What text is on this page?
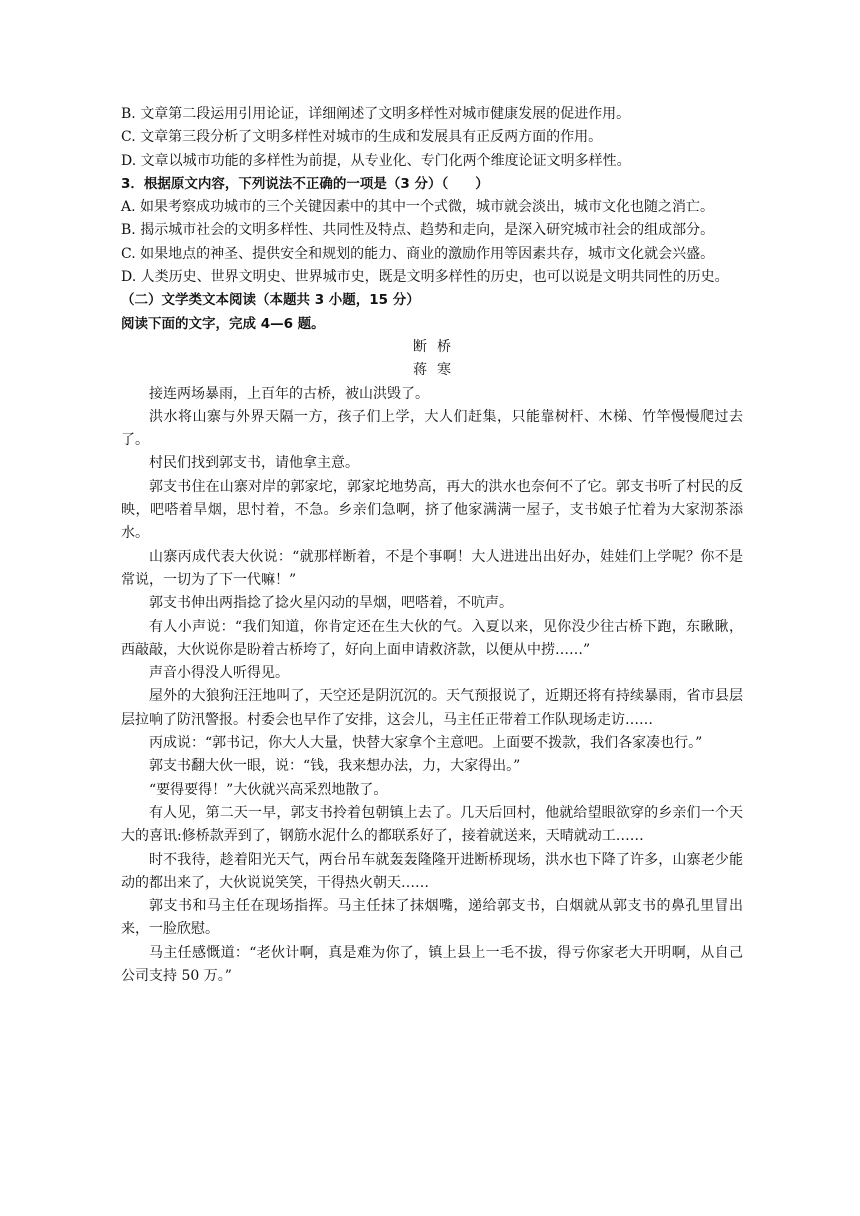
B. 文章第二段运用引用论证，详细阐述了文明多样性对城市健康发展的促进作用。

C. 文章第三段分析了文明多样性对城市的生成和发展具有正反两方面的作用。

D. 文章以城市功能的多样性为前提，从专业化、专门化两个维度论证文明多样性。

3．根据原文内容，下列说法不正确的一项是（3 分）（　　）

A. 如果考察成功城市的三个关键因素中的其中一个式微，城市就会淡出，城市文化也随之消亡。

B. 揭示城市社会的文明多样性、共同性及特点、趋势和走向，是深入研究城市社会的组成部分。

C. 如果地点的神圣、提供安全和规划的能力、商业的激励作用等因素共存，城市文化就会兴盛。

D. 人类历史、世界文明史、世界城市史，既是文明多样性的历史，也可以说是文明共同性的历史。

（二）文学类文本阅读（本题共 3 小题，15 分）

阅读下面的文字，完成 4—6 题。

断桥

蒋寒

接连两场暴雨，上百年的古桥，被山洪毁了。

洪水将山寨与外界天隔一方，孩子们上学，大人们赶集，只能靠树杆、木梯、竹竿慢慢爬过去了。

村民们找到郭支书，请他拿主意。

郭支书住在山寨对岸的郭家坨，郭家坨地势高，再大的洪水也奈何不了它。郭支书听了村民的反映，吧嗒着旱烟，思忖着，不急。乡亲们急啊，挤了他家满满一屋子，支书娘子忙着为大家沏茶添水。

山寨丙成代表大伙说：“就那样断着，不是个事啊！大人进进出出好办，娃娃们上学呢？你不是常说，一切为了下一代嘛！”

郭支书伸出两指捻了捻火星闪动的旱烟，吧嗒着，不吭声。

有人小声说：“我们知道，你肯定还在生大伙的气。入夏以来，见你没少往古桥下跑，东瞅瞅，西敲敲，大伙说你是盼着古桥垮了，好向上面申请救济款，以便从中捞……”

声音小得没人听得见。

屋外的大狼狗汪汪地叫了，天空还是阴沉沉的。天气预报说了，近期还将有持续暴雨，省市县层层拉响了防汛警报。村委会也早作了安排，这会儿，马主任正带着工作队现场走访……

丙成说：“郭书记，你大人大量，快替大家拿个主意吧。上面要不拨款，我们各家凑也行。”

郭支书翻大伙一眼，说：“钱，我来想办法，力，大家得出。”

“要得要得！”大伙就兴高采烈地散了。

有人见，第二天一早，郭支书拎着包朝镇上去了。几天后回村，他就给望眼欲穿的乡亲们一个天大的喜讯:修桥款弄到了，钢筋水泥什么的都联系好了，接着就送来，天晴就动工……

时不我待，趁着阳光天气，两台吊车就轰轰隆隆开进断桥现场，洪水也下降了许多，山寨老少能动的都出来了，大伙说说笑笑，干得热火朝天……

郭支书和马主任在现场指挥。马主任抹了抹烟嘴，递给郭支书，白烟就从郭支书的鼻孔里冒出来，一脸欣慰。

马主任感慨道：“老伙计啊，真是难为你了，镇上县上一毛不拔，得亏你家老大开明啊，从自己公司支持 50 万。”
